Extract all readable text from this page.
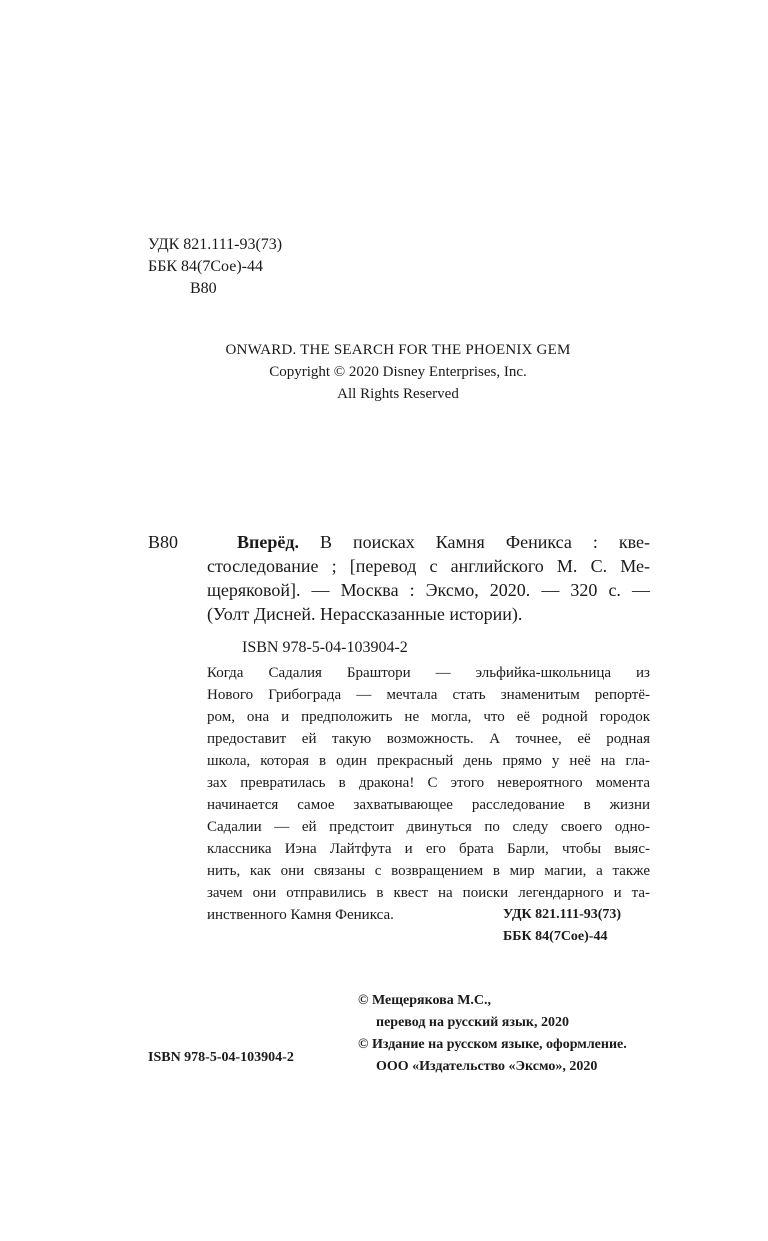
УДК 821.111-93(73)
ББК 84(7Сое)-44
В80
ONWARD. THE SEARCH FOR THE PHOENIX GEM
Copyright © 2020 Disney Enterprises, Inc.
All Rights Reserved
В80	Вперёд. В поисках Камня Феникса : кве-
стоследование ; [перевод с английского М. С. Ме-
щеряковой]. — Москва : Эксмо, 2020. — 320 с. —
(Уолт Дисней. Нерассказанные истории).
ISBN 978-5-04-103904-2
Когда Садалия Браштори — эльфийка-школьница из
Нового Грибограда — мечтала стать знаменитым репортё-
ром, она и предположить не могла, что её родной городок
предоставит ей такую возможность. А точнее, её родная
школа, которая в один прекрасный день прямо у неё на гла-
зах превратилась в дракона! С этого невероятного момента
начинается самое захватывающее расследование в жизни
Садалии — ей предстоит двинуться по следу своего одно-
классника Иэна Лайтфута и его брата Барли, чтобы выяс-
нить, как они связаны с возвращением в мир магии, а также
зачем они отправились в квест на поиски легендарного и та-
инственного Камня Феникса.	УДК 821.111-93(73)
ББК 84(7Сое)-44
© Мещерякова М.С.,
перевод на русский язык, 2020
© Издание на русском языке, оформление.
ООО «Издательство «Эксмо», 2020
ISBN 978-5-04-103904-2
